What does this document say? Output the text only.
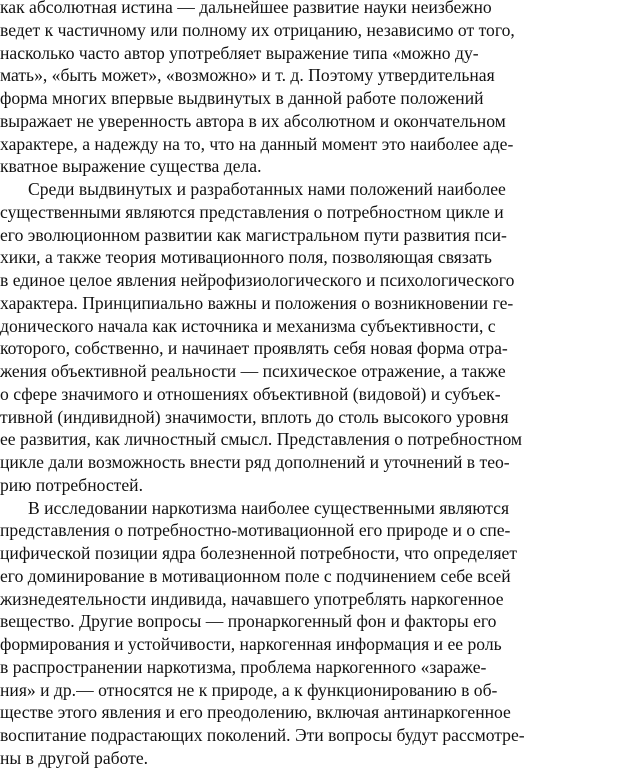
как абсолютная истина — дальнейшее развитие науки неизбежно
ведет к частичному или полному их отрицанию, независимо от того,
насколько часто автор употребляет выражение типа «можно ду-
мать», «быть может», «возможно» и т. д. Поэтому утвердительная
форма многих впервые выдвинутых в данной работе положений
выражает не уверенность автора в их абсолютном и окончательном
характере, а надежду на то, что на данный момент это наиболее аде-
кватное выражение существа дела.
Среди выдвинутых и разработанных нами положений наиболее
существенными являются представления о потребностном цикле и
его эволюционном развитии как магистральном пути развития пси-
хики, а также теория мотивационного поля, позволяющая связать
в единое целое явления нейрофизиологического и психологического
характера. Принципиально важны и положения о возникновении ге-
донического начала как источника и механизма субъективности, с
которого, собственно, и начинает проявлять себя новая форма отра-
жения объективной реальности — психическое отражение, а также
о сфере значимого и отношениях объективной (видовой) и субъек-
тивной (индивидной) значимости, вплоть до столь высокого уровня
ее развития, как личностный смысл. Представления о потребностном
цикле дали возможность внести ряд дополнений и уточнений в тео-
рию потребностей.
В исследовании наркотизма наиболее существенными являются
представления о потребностно-мотивационной его природе и о спе-
цифической позиции ядра болезненной потребности, что определяет
его доминирование в мотивационном поле с подчинением себе всей
жизнедеятельности индивида, начавшего употреблять наркогенное
вещество. Другие вопросы — пронаркогенный фон и факторы его
формирования и устойчивости, наркогенная информация и ее роль
в распространении наркотизма, проблема наркогенного «зараже-
ния» и др.— относятся не к природе, а к функционированию в об-
ществе этого явления и его преодолению, включая антинаркогенное
воспитание подрастающих поколений. Эти вопросы будут рассмотре-
ны в другой работе.
